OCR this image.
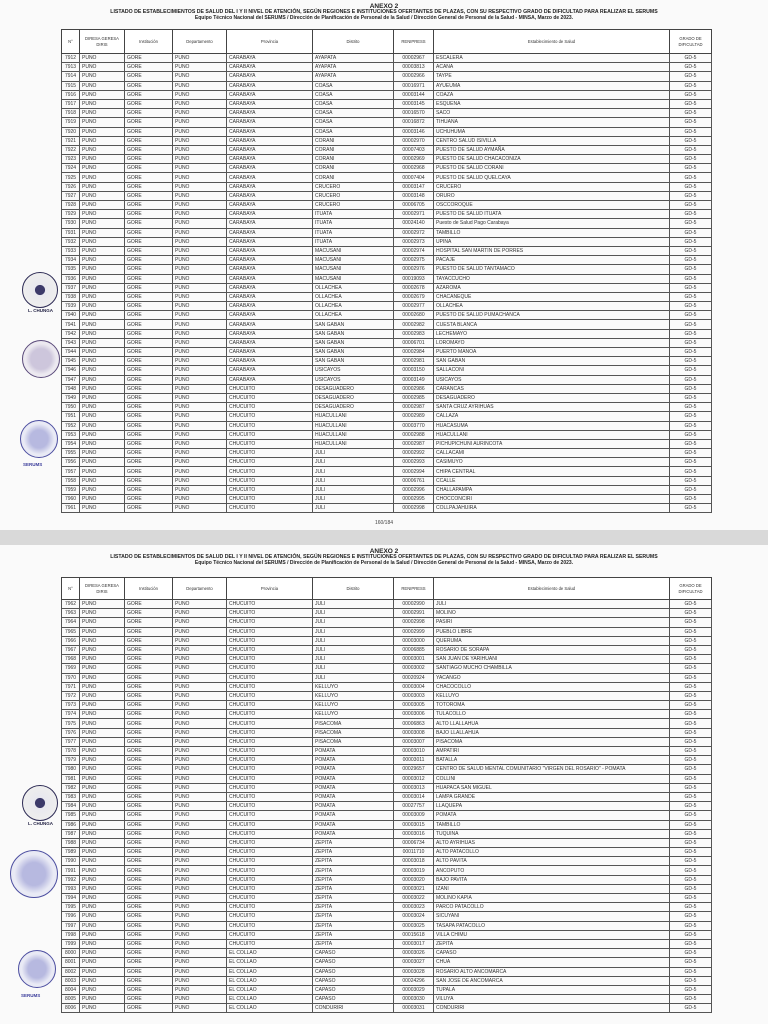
ANEXO 2
LISTADO DE ESTABLECIMIENTOS DE SALUD DEL I Y II NIVEL DE ATENCIÓN, SEGÚN REGIONES E INSTITUCIONES OFERTANTES DE PLAZAS, CON SU RESPECTIVO GRADO DE DIFICULTAD PARA REALIZAR EL SERUMS
Equipo Técnico Nacional del SERUMS / Dirección de Planificación de Personal de la Salud / Dirección General de Personal de la Salud - MINSA, Marzo de 2023.
N°	DIRESA GERESA DIRIS	Institución	Departamento	Provincia	Distrito	RENIPRESS	Establecimiento de Salud	GRADO DE DIFICULTAD
7912	PUNO	GORE	PUNO	CARABAYA	AYAPATA	00002967	ESCALERA	GD-5
7913	PUNO	GORE	PUNO	CARABAYA	AYAPATA	00003813	ACANA	GD-5
7914	PUNO	GORE	PUNO	CARABAYA	AYAPATA	00002966	TAYPE	GD-5
7915	PUNO	GORE	PUNO	CARABAYA	COASA	00016971	AYUEUMA	GD-5
7916	PUNO	GORE	PUNO	CARABAYA	COASA	00003144	COAZA	GD-5
7917	PUNO	GORE	PUNO	CARABAYA	COASA	00003145	ESQUENA	GD-5
7918	PUNO	GORE	PUNO	CARABAYA	COASA	00016570	SACO	GD-5
7919	PUNO	GORE	PUNO	CARABAYA	COASA	00016872	TIHUANA	GD-5
7920	PUNO	GORE	PUNO	CARABAYA	COASA	00003146	UCHUHUMA	GD-5
7921	PUNO	GORE	PUNO	CARABAYA	CORANI	00002970	CENTRO SALUD ISIVILLA	GD-5
7922	PUNO	GORE	PUNO	CARABAYA	CORANI	00007403	PUESTO DE SALUD AYMAÑA	GD-5
7923	PUNO	GORE	PUNO	CARABAYA	CORANI	00002969	PUESTO DE SALUD CHACACONIZA	GD-5
7924	PUNO	GORE	PUNO	CARABAYA	CORANI	00002968	PUESTO DE SALUD CORANI	GD-5
7925	PUNO	GORE	PUNO	CARABAYA	CORANI	00007404	PUESTO DE SALUD QUELCAYA	GD-5
7926	PUNO	GORE	PUNO	CARABAYA	CRUCERO	00003147	CRUCERO	GD-5
7927	PUNO	GORE	PUNO	CARABAYA	CRUCERO	00003148	ORURO	GD-5
7928	PUNO	GORE	PUNO	CARABAYA	CRUCERO	00006705	OSCCOROQUE	GD-5
7929	PUNO	GORE	PUNO	CARABAYA	ITUATA	00002971	PUESTO DE SALUD ITUATA	GD-5
7930	PUNO	GORE	PUNO	CARABAYA	ITUATA	00024140	Puesto de Salud Pago Carabaya	GD-5
7931	PUNO	GORE	PUNO	CARABAYA	ITUATA	00002972	TAMBILLO	GD-5
7932	PUNO	GORE	PUNO	CARABAYA	ITUATA	00002973	UPINA	GD-5
7933	PUNO	GORE	PUNO	CARABAYA	MACUSANI	00002974	HOSPITAL SAN MARTIN DE PORRES	GD-5
7934	PUNO	GORE	PUNO	CARABAYA	MACUSANI	00002975	PACAJE	GD-5
7935	PUNO	GORE	PUNO	CARABAYA	MACUSANI	00002976	PUESTO DE SALUD TANTAMACO	GD-5
7936	PUNO	GORE	PUNO	CARABAYA	MACUSANI	00019093	TAYACCUCHO	GD-5
7937	PUNO	GORE	PUNO	CARABAYA	OLLACHEA	00002678	AZAROMA	GD-5
7938	PUNO	GORE	PUNO	CARABAYA	OLLACHEA	00002679	CHACANEQUE	GD-5
7939	PUNO	GORE	PUNO	CARABAYA	OLLACHEA	00002977	OLLACHEA	GD-5
7940	PUNO	GORE	PUNO	CARABAYA	OLLACHEA	00002680	PUESTO DE SALUD PUMACHANCA	GD-5
7941	PUNO	GORE	PUNO	CARABAYA	SAN GABAN	00002982	CUESTA BLANCA	GD-5
7942	PUNO	GORE	PUNO	CARABAYA	SAN GABAN	00002983	LECHEMAYO	GD-5
7943	PUNO	GORE	PUNO	CARABAYA	SAN GABAN	00006701	LOROMAYO	GD-5
7944	PUNO	GORE	PUNO	CARABAYA	SAN GABAN	00002984	PUERTO MANOA	GD-5
7945	PUNO	GORE	PUNO	CARABAYA	SAN GABAN	00002981	SAN GABAN	GD-5
7946	PUNO	GORE	PUNO	CARABAYA	USICAYOS	00003150	SALLACONI	GD-5
7947	PUNO	GORE	PUNO	CARABAYA	USICAYOS	00003149	USICAYOS	GD-5
7948	PUNO	GORE	PUNO	CHUCUITO	DESAGUADERO	00002986	CARANCAS	GD-5
7949	PUNO	GORE	PUNO	CHUCUITO	DESAGUADERO	00002985	DESAGUADERO	GD-5
7950	PUNO	GORE	PUNO	CHUCUITO	DESAGUADERO	00002987	SANTA CRUZ AYRIHUAS	GD-5
7951	PUNO	GORE	PUNO	CHUCUITO	HUACULLANI	00002989	CALLAZA	GD-5
7952	PUNO	GORE	PUNO	CHUCUITO	HUACULLANI	00003770	HUACASUMA	GD-5
7953	PUNO	GORE	PUNO	CHUCUITO	HUACULLANI	00002988	HUACULLANI	GD-5
7954	PUNO	GORE	PUNO	CHUCUITO	HUACULLANI	00002987	PICHUPICHUNI AURINCOTA	GD-5
7955	PUNO	GORE	PUNO	CHUCUITO	JULI	00002992	CALLACAMI	GD-5
7956	PUNO	GORE	PUNO	CHUCUITO	JULI	00002993	CASIMUYO	GD-5
7957	PUNO	GORE	PUNO	CHUCUITO	JULI	00002994	CHIPA CENTRAL	GD-5
7958	PUNO	GORE	PUNO	CHUCUITO	JULI	00006761	CCALLE	GD-5
7959	PUNO	GORE	PUNO	CHUCUITO	JULI	00002996	CHALLAPAMPA	GD-5
7960	PUNO	GORE	PUNO	CHUCUITO	JULI	00002995	CHOCCONCIRI	GD-5
7961	PUNO	GORE	PUNO	CHUCUITO	JULI	00002998	COLLPAJAHUIRA	GD-5
160/184
L. CHUNGA
SERUMS
ANEXO 2
LISTADO DE ESTABLECIMIENTOS DE SALUD DEL I Y II NIVEL DE ATENCIÓN, SEGÚN REGIONES E INSTITUCIONES OFERTANTES DE PLAZAS, CON SU RESPECTIVO GRADO DE DIFICULTAD PARA REALIZAR EL SERUMS
Equipo Técnico Nacional del SERUMS / Dirección de Planificación de Personal de la Salud / Dirección General de Personal de la Salud - MINSA, Marzo de 2023.
N°	DIRESA GERESA DIRIS	Institución	Departamento	Provincia	Distrito	RENIPRESS	Establecimiento de Salud	GRADO DE DIFICULTAD
7962	PUNO	GORE	PUNO	CHUCUITO	JULI	00002990	JULI	GD-5
7963	PUNO	GORE	PUNO	CHUCUITO	JULI	00002991	MOLINO	GD-5
7964	PUNO	GORE	PUNO	CHUCUITO	JULI	00002998	PASIRI	GD-5
7965	PUNO	GORE	PUNO	CHUCUITO	JULI	00002999	PUEBLO LIBRE	GD-5
7966	PUNO	GORE	PUNO	CHUCUITO	JULI	00003000	QUERUMA	GD-5
7967	PUNO	GORE	PUNO	CHUCUITO	JULI	00006885	ROSARIO DE SORAPA	GD-5
7968	PUNO	GORE	PUNO	CHUCUITO	JULI	00003001	SAN JUAN DE YARIHUANI	GD-5
7969	PUNO	GORE	PUNO	CHUCUITO	JULI	00003002	SANTIAGO MUCHO CHAMBILLA	GD-5
7970	PUNO	GORE	PUNO	CHUCUITO	JULI	00020924	YACANGO	GD-5
7971	PUNO	GORE	PUNO	CHUCUITO	KELLUYO	00003004	CHACOCOLLO	GD-5
7972	PUNO	GORE	PUNO	CHUCUITO	KELLUYO	00003003	KELLUYO	GD-5
7973	PUNO	GORE	PUNO	CHUCUITO	KELLUYO	00003005	TOTOROMA	GD-5
7974	PUNO	GORE	PUNO	CHUCUITO	KELLUYO	00003006	TULACOLLO	GD-5
7975	PUNO	GORE	PUNO	CHUCUITO	PISACOMA	00006863	ALTO LLALLAHUA	GD-5
7976	PUNO	GORE	PUNO	CHUCUITO	PISACOMA	00003008	BAJO LLALLAHUA	GD-5
7977	PUNO	GORE	PUNO	CHUCUITO	PISACOMA	00003007	PISACOMA	GD-5
7978	PUNO	GORE	PUNO	CHUCUITO	POMATA	00003010	AMPATIRI	GD-5
7979	PUNO	GORE	PUNO	CHUCUITO	POMATA	00003011	BATALLA	GD-5
7980	PUNO	GORE	PUNO	CHUCUITO	POMATA	00029657	CENTRO DE SALUD MENTAL COMUNITARIO "VIRGEN DEL ROSARIO" - POMATA	GD-5
7981	PUNO	GORE	PUNO	CHUCUITO	POMATA	00003012	COLLINI	GD-5
7982	PUNO	GORE	PUNO	CHUCUITO	POMATA	00003013	HUAPACA SAN MIGUEL	GD-5
7983	PUNO	GORE	PUNO	CHUCUITO	POMATA	00003014	LAMPA GRANDE	GD-5
7984	PUNO	GORE	PUNO	CHUCUITO	POMATA	00027757	LLAQUEPA	GD-5
7985	PUNO	GORE	PUNO	CHUCUITO	POMATA	00003009	POMATA	GD-5
7986	PUNO	GORE	PUNO	CHUCUITO	POMATA	00003015	TAMBILLO	GD-5
7987	PUNO	GORE	PUNO	CHUCUITO	POMATA	00003016	TUQUINA	GD-5
7988	PUNO	GORE	PUNO	CHUCUITO	ZEPITA	00006734	ALTO AYRIHUAS	GD-5
7989	PUNO	GORE	PUNO	CHUCUITO	ZEPITA	00011710	ALTO PATACOLLO	GD-5
7990	PUNO	GORE	PUNO	CHUCUITO	ZEPITA	00003018	ALTO PAVITA	GD-5
7991	PUNO	GORE	PUNO	CHUCUITO	ZEPITA	00003019	ANCOPUTO	GD-5
7992	PUNO	GORE	PUNO	CHUCUITO	ZEPITA	00003020	BAJO PAVITA	GD-5
7993	PUNO	GORE	PUNO	CHUCUITO	ZEPITA	00003021	IZANI	GD-5
7994	PUNO	GORE	PUNO	CHUCUITO	ZEPITA	00003022	MOLINO KAPIA	GD-5
7995	PUNO	GORE	PUNO	CHUCUITO	ZEPITA	00003023	PARCO PATACOLLO	GD-5
7996	PUNO	GORE	PUNO	CHUCUITO	ZEPITA	00003024	SICUYANI	GD-5
7997	PUNO	GORE	PUNO	CHUCUITO	ZEPITA	00003025	TASAPA PATACOLLO	GD-5
7998	PUNO	GORE	PUNO	CHUCUITO	ZEPITA	00015618	VILLA CHIMU	GD-5
7999	PUNO	GORE	PUNO	CHUCUITO	ZEPITA	00003017	ZEPITA	GD-5
8000	PUNO	GORE	PUNO	EL COLLAO	CAPASO	00003026	CAPASO	GD-5
8001	PUNO	GORE	PUNO	EL COLLAO	CAPASO	00003027	CHUA	GD-5
8002	PUNO	GORE	PUNO	EL COLLAO	CAPASO	00003028	ROSARIO ALTO ANCOMARCA	GD-5
8003	PUNO	GORE	PUNO	EL COLLAO	CAPASO	00024296	SAN JOSE DE ANCOMARCA	GD-5
8004	PUNO	GORE	PUNO	EL COLLAO	CAPASO	00003029	TUPALA	GD-5
8005	PUNO	GORE	PUNO	EL COLLAO	CAPASO	00003030	VILUYA	GD-5
8006	PUNO	GORE	PUNO	EL COLLAO	CONDURIRI	00003031	CONDURIRI	GD-5
L. CHUNGA
SERUMS
